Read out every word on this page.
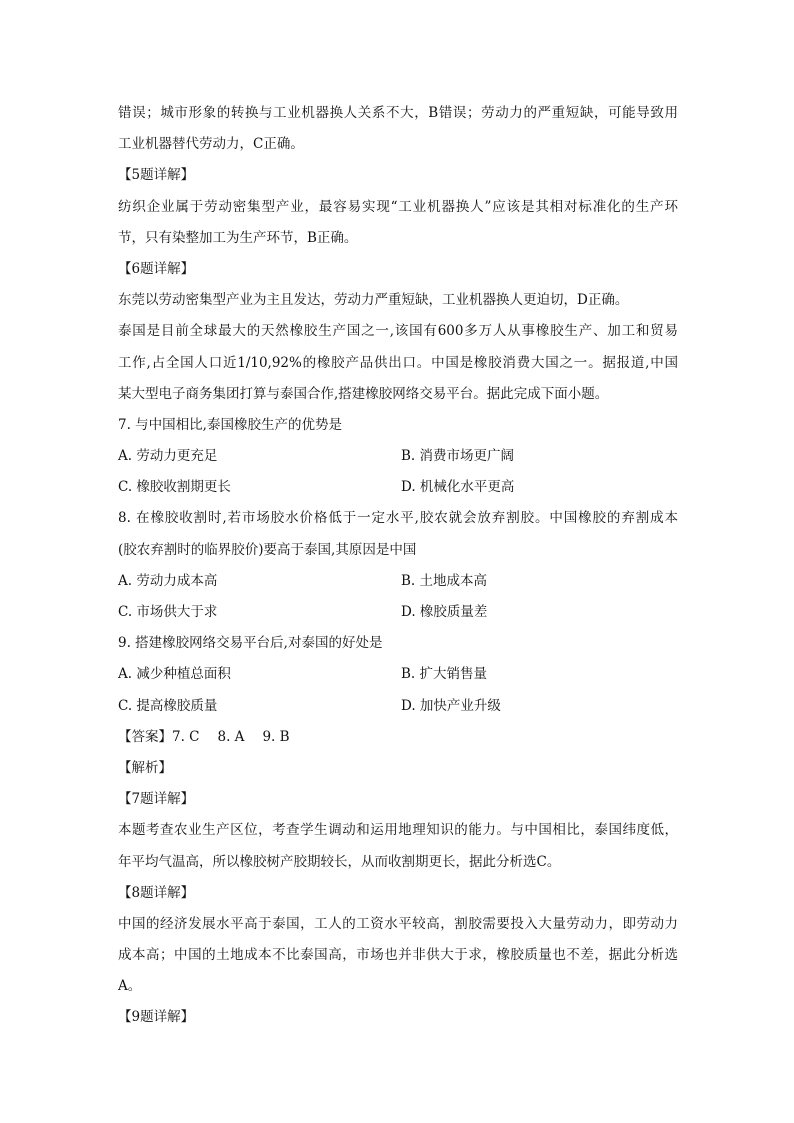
错误；城市形象的转换与工业机器换人关系不大，B错误；劳动力的严重短缺，可能导致用
工业机器替代劳动力，C正确。
【5题详解】
纺织企业属于劳动密集型产业，最容易实现“工业机器换人”应该是其相对标准化的生产环
节，只有染整加工为生产环节，B正确。
【6题详解】
东莞以劳动密集型产业为主且发达，劳动力严重短缺，工业机器换人更迫切，D正确。
泰国是目前全球最大的天然橡胶生产国之一,该国有600多万人从事橡胶生产、加工和贸易
工作,占全国人口近1/10,92%的橡胶产品供出口。中国是橡胶消费大国之一。据报道,中国
某大型电子商务集团打算与泰国合作,搭建橡胶网络交易平台。据此完成下面小题。
7. 与中国相比,泰国橡胶生产的优势是
A. 劳动力更充足	B. 消费市场更广阔
C. 橡胶收割期更长	D. 机械化水平更高
8. 在橡胶收割时,若市场胶水价格低于一定水平,胶农就会放弃割胶。中国橡胶的弃割成本
(胶农弃割时的临界胶价)要高于泰国,其原因是中国
A. 劳动力成本高	B. 土地成本高
C. 市场供大于求	D. 橡胶质量差
9. 搭建橡胶网络交易平台后,对泰国的好处是
A. 减少种植总面积	B. 扩大销售量
C. 提高橡胶质量	D. 加快产业升级
【答案】7. C 8. A 9. B
【解析】
【7题详解】
本题考查农业生产区位，考查学生调动和运用地理知识的能力。与中国相比，泰国纬度低，
年平均气温高，所以橡胶树产胶期较长，从而收割期更长，据此分析选C。
【8题详解】
中国的经济发展水平高于泰国，工人的工资水平较高，割胶需要投入大量劳动力，即劳动力
成本高；中国的土地成本不比泰国高，市场也并非供大于求，橡胶质量也不差，据此分析选
A。
【9题详解】
